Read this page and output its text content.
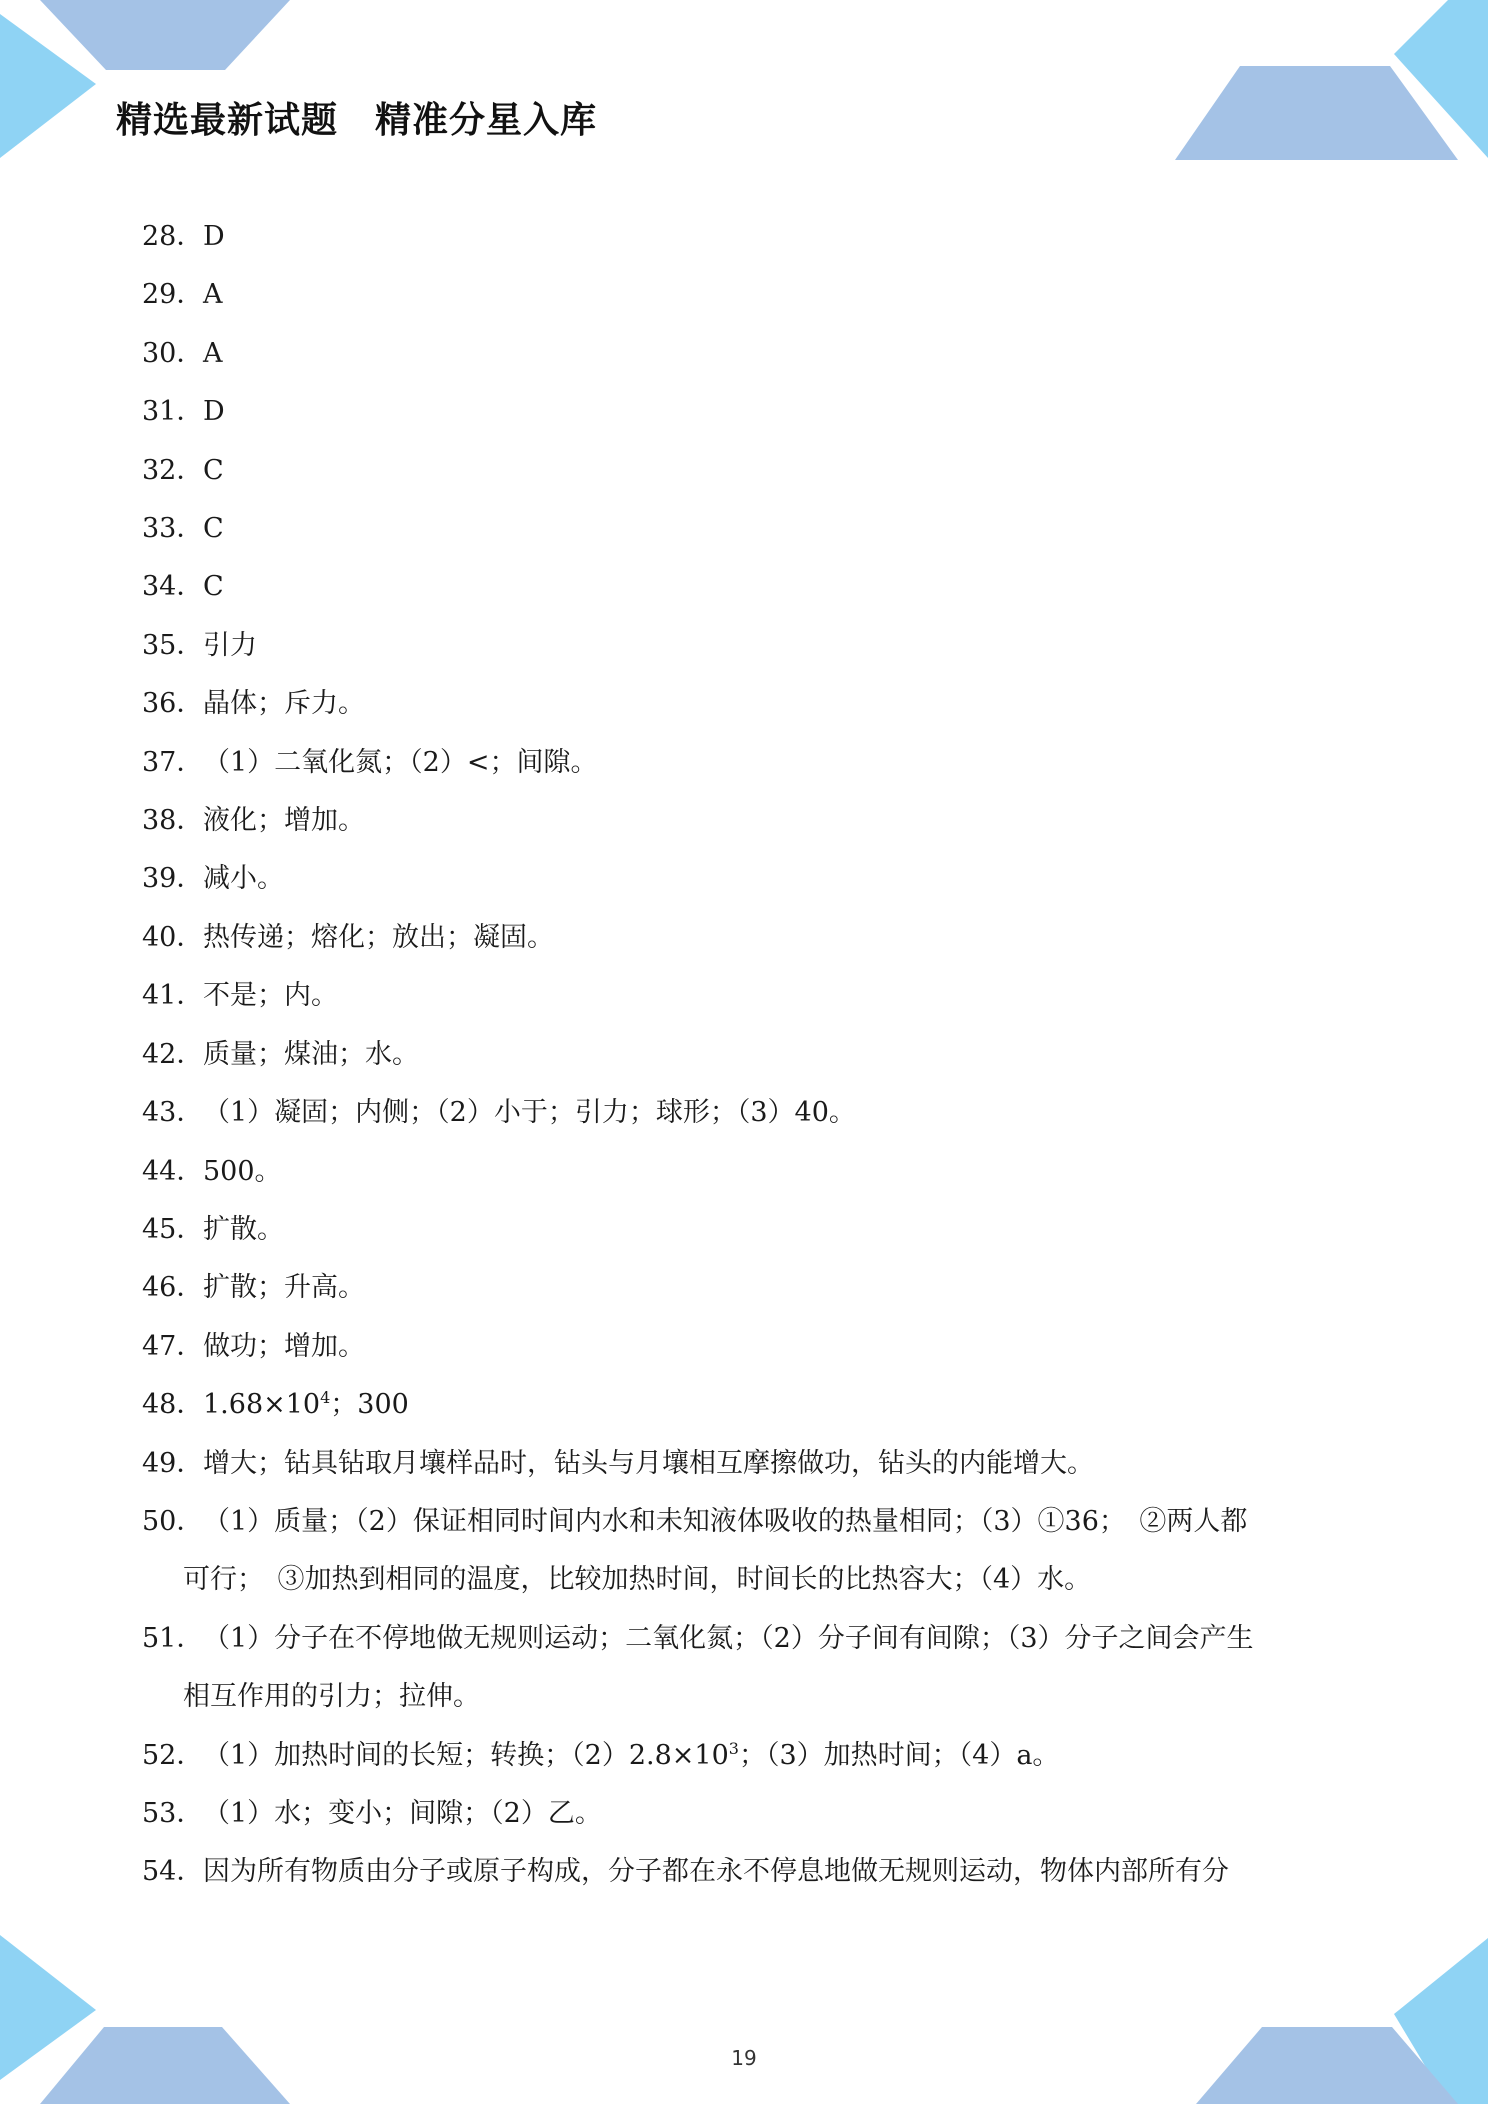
精选最新试题　精准分星入库
28． D
29． A
30． A
31． D
32． C
33． C
34． C
35． 引力
36． 晶体；斥力。
37． （1）二氧化氮；（2）<；间隙。
38． 液化；增加。
39． 减小。
40． 热传递；熔化；放出；凝固。
41． 不是；内。
42． 质量；煤油；水。
43． （1）凝固；内侧；（2）小于；引力；球形；（3）40。
44． 500。
45． 扩散。
46． 扩散；升高。
47． 做功；增加。
48． $1.68\times 10^4$；300
49． 增大；钻具钻取月壤样品时，钻头与月壤相互摩擦做功，钻头的内能增大。
50． （1）质量；（2）保证相同时间内水和未知液体吸收的热量相同；（3）①36；　②两人都
可行；　③加热到相同的温度，比较加热时间，时间长的比热容大；（4）水。
51． （1）分子在不停地做无规则运动；二氧化氮；（2）分子间有间隙；（3）分子之间会产生
相互作用的引力；拉伸。
52． （1）加热时间的长短；转换；$(2)2.8\times 10^3$；（3）加热时间；（4）a。
53． （1）水；变小；间隙；（2）乙。
54． 因为所有物质由分子或原子构成，分子都在永不停息地做无规则运动，物体内部所有分
19
